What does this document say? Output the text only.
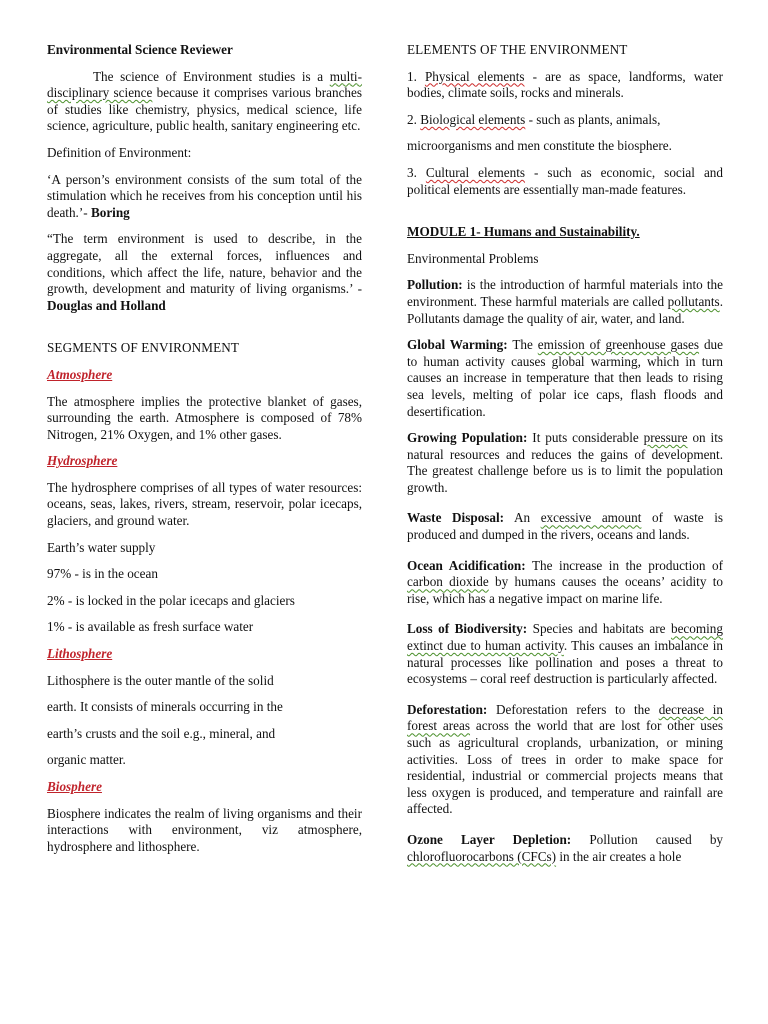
Environmental Science Reviewer

The science of Environment studies is a multi-disciplinary science because it comprises various branches of studies like chemistry, physics, medical science, life science, agriculture, public health, sanitary engineering etc.

Definition of Environment:

‘A person’s environment consists of the sum total of the stimulation which he receives from his conception until his death.’- Boring

“The term environment is used to describe, in the aggregate, all the external forces, influences and conditions, which affect the life, nature, behavior and the growth, development and maturity of living organisms.’ - Douglas and Holland

SEGMENTS OF ENVIRONMENT

Atmosphere

The atmosphere implies the protective blanket of gases, surrounding the earth. Atmosphere is composed of 78% Nitrogen, 21% Oxygen, and 1% other gases.

Hydrosphere

The hydrosphere comprises of all types of water resources: oceans, seas, lakes, rivers, stream, reservoir, polar icecaps, glaciers, and ground water.

Earth’s water supply

97% - is in the ocean

2% - is locked in the polar icecaps and glaciers

1% - is available as fresh surface water

Lithosphere

Lithosphere is the outer mantle of the solid

earth. It consists of minerals occurring in the

earth’s crusts and the soil e.g., mineral, and

organic matter.

Biosphere

Biosphere indicates the realm of living organisms and their interactions with environment, viz atmosphere, hydrosphere and lithosphere.

ELEMENTS OF THE ENVIRONMENT

1. Physical elements - are as space, landforms, water bodies, climate soils, rocks and minerals.

2. Biological elements - such as plants, animals,

microorganisms and men constitute the biosphere.

3. Cultural elements - such as economic, social and political elements are essentially man-made features.

MODULE 1- Humans and Sustainability.

Environmental Problems

Pollution: is the introduction of harmful materials into the environment. These harmful materials are called pollutants. Pollutants damage the quality of air, water, and land.

Global Warming: The emission of greenhouse gases due to human activity causes global warming, which in turn causes an increase in temperature that then leads to rising sea levels, melting of polar ice caps, flash floods and desertification.

Growing Population: It puts considerable pressure on its natural resources and reduces the gains of development. The greatest challenge before us is to limit the population growth.

Waste Disposal: An excessive amount of waste is produced and dumped in the rivers, oceans and lands.

Ocean Acidification: The increase in the production of carbon dioxide by humans causes the oceans’ acidity to rise, which has a negative impact on marine life.

Loss of Biodiversity: Species and habitats are becoming extinct due to human activity. This causes an imbalance in natural processes like pollination and poses a threat to ecosystems – coral reef destruction is particularly affected.

Deforestation: Deforestation refers to the decrease in forest areas across the world that are lost for other uses such as agricultural croplands, urbanization, or mining activities. Loss of trees in order to make space for residential, industrial or commercial projects means that less oxygen is produced, and temperature and rainfall are affected.

Ozone Layer Depletion: Pollution caused by chlorofluorocarbons (CFCs) in the air creates a hole
